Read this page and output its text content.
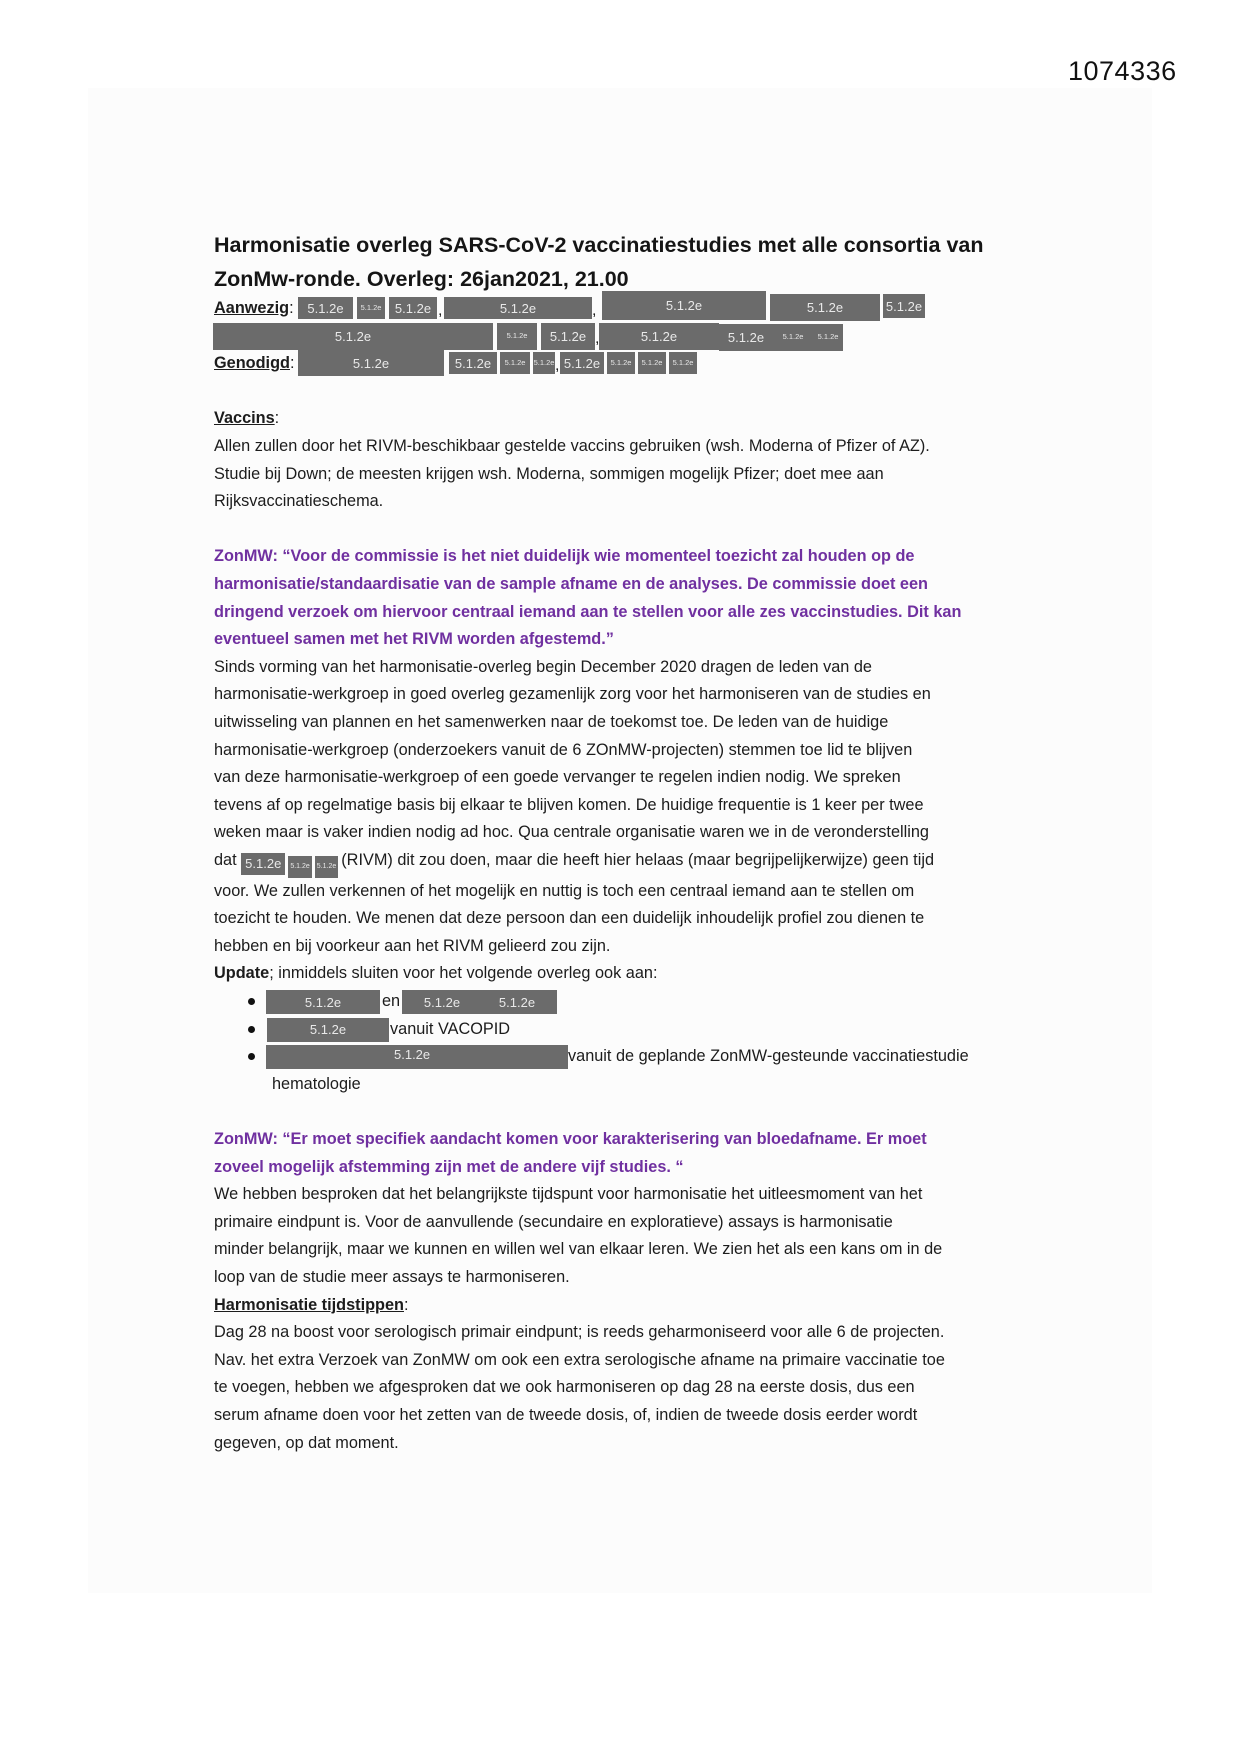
1074336
Harmonisatie overleg SARS-CoV-2 vaccinatiestudies met alle consortia van
ZonMw-ronde. Overleg: 26jan2021, 21.00
Aanwezig:	5.1.2e	5.1.2e	5.1.2e ,	5.1.2e	,	5.1.2e	5.1.2e	5.1.2e
5.1.2e	5.1.2e	5.1.2e ,	5.1.2e	5.1.2e	5.1.2e	5.1.2e
Genodigd:	5.1.2e	5.1.2e	5.1.2e	5.1.2e , 5.1.2e	5.1.2e	5.1.2e	5.1.2e

Vaccins:

Allen zullen door het RIVM-beschikbaar gestelde vaccins gebruiken (wsh. Moderna of Pfizer of AZ).

Studie bij Down; de meesten krijgen wsh. Moderna, sommigen mogelijk Pfizer; doet mee aan

Rijksvaccinatieschema.

ZonMW: “Voor de commissie is het niet duidelijk wie momenteel toezicht zal houden op de

harmonisatie/standaardisatie van de sample afname en de analyses. De commissie doet een

dringend verzoek om hiervoor centraal iemand aan te stellen voor alle zes vaccinstudies. Dit kan

eventueel samen met het RIVM worden afgestemd.”

Sinds vorming van het harmonisatie-overleg begin December 2020 dragen de leden van de

harmonisatie-werkgroep in goed overleg gezamenlijk zorg voor het harmoniseren van de studies en

uitwisseling van plannen en het samenwerken naar de toekomst toe. De leden van de huidige

harmonisatie-werkgroep (onderzoekers vanuit de 6 ZOnMW-projecten) stemmen toe lid te blijven

van deze harmonisatie-werkgroep of een goede vervanger te regelen indien nodig. We spreken

tevens af op regelmatige basis bij elkaar te blijven komen. De huidige frequentie is 1 keer per twee

weken maar is vaker indien nodig ad hoc. Qua centrale organisatie waren we in de veronderstelling

dat 5.1.2e 5.1.2e 5.1.2e (RIVM) dit zou doen, maar die heeft hier helaas (maar begrijpelijkerwijze) geen tijd

voor. We zullen verkennen of het mogelijk en nuttig is toch een centraal iemand aan te stellen om

toezicht te houden. We menen dat deze persoon dan een duidelijk inhoudelijk profiel zou dienen te

hebben en bij voorkeur aan het RIVM gelieerd zou zijn.

Update; inmiddels sluiten voor het volgende overleg ook aan:

5.1.2e	en	5.1.2e	5.1.2e
5.1.2e	vanuit VACOPID
5.1.2e	vanuit de geplande ZonMW-gesteunde vaccinatiestudie
hematologie

ZonMW: “Er moet specifiek aandacht komen voor karakterisering van bloedafname. Er moet

zoveel mogelijk afstemming zijn met de andere vijf studies. “

We hebben besproken dat het belangrijkste tijdspunt voor harmonisatie het uitleesmoment van het

primaire eindpunt is. Voor de aanvullende (secundaire en exploratieve) assays is harmonisatie

minder belangrijk, maar we kunnen en willen wel van elkaar leren. We zien het als een kans om in de

loop van de studie meer assays te harmoniseren.

Harmonisatie tijdstippen:

Dag 28 na boost voor serologisch primair eindpunt; is reeds geharmoniseerd voor alle 6 de projecten.

Nav. het extra Verzoek van ZonMW om ook een extra serologische afname na primaire vaccinatie toe

te voegen, hebben we afgesproken dat we ook harmoniseren op dag 28 na eerste dosis, dus een

serum afname doen voor het zetten van de tweede dosis, of, indien de tweede dosis eerder wordt

gegeven, op dat moment.
